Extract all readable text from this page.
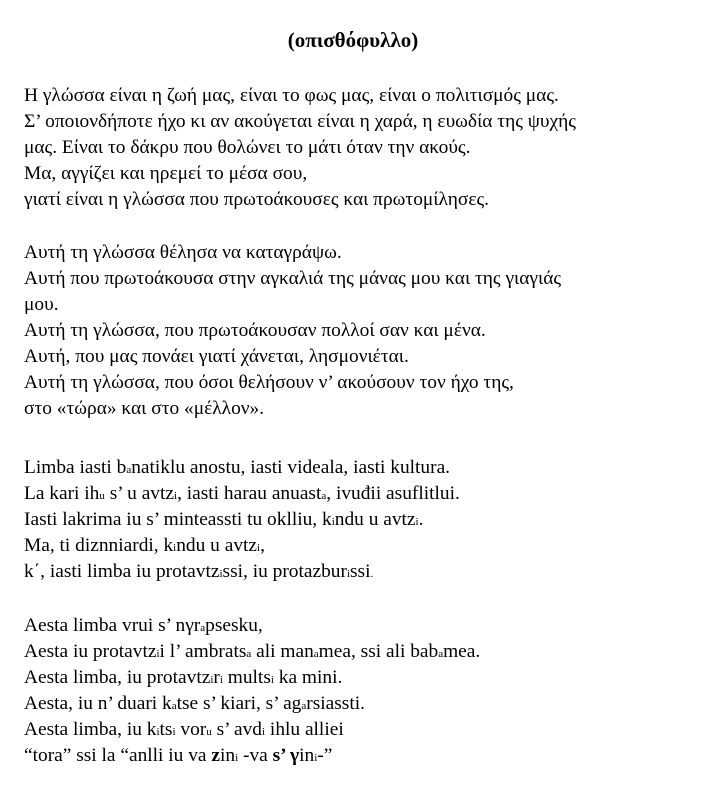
(οπισθόφυλλο)
Η γλώσσα είναι η ζωή μας, είναι το φως μας, είναι ο πολιτισμός μας.
Σ’ οποιονδήποτε ήχο κι αν ακούγεται είναι η χαρά, η ευωδία της ψυχής
μας. Είναι το δάκρυ που θολώνει το μάτι όταν την ακούς.
Μα, αγγίζει και ηρεμεί το μέσα σου,
γιατί είναι η γλώσσα που πρωτοάκουσες και πρωτομίλησες.
Αυτή τη γλώσσα θέλησα να καταγράψω.
Αυτή που πρωτοάκουσα στην αγκαλιά της μάνας μου και της γιαγιάς
μου.
Αυτή τη γλώσσα, που πρωτοάκουσαν πολλοί σαν και μένα.
Αυτή, που μας πονάει γιατί χάνεται, λησμονιέται.
Αυτή τη γλώσσα, που όσοι θελήσουν ν’ ακούσουν τον ήχο της,
στο «τώρα» και στο «μέλλον».
Limba iasti banatiklu anostu, iasti videala, iasti kultura.
La kari ihu s’ u avtzi, iasti harau anuasta, ivuđii asuflitlui.
Iasti lakrima iu s’ minteassti tu oklliu, kindu u avtzi.
Ma, ti diznniardi, kindu u avtzi,
k΄, iasti limba iu protavtzissi, iu protazburissi.
Aesta limba vrui s’ nγrapsesku,
Aesta iu protavtzii l’ ambratsa ali manamea, ssi ali babamea.
Aesta limba, iu protavtziri multsi ka mini.
Aesta, iu n’ duari katse s’ kiari, s’ agarsiassti.
Aesta limba, iu kitsi voru s’ avdi ihlu alliei
“tora” ssi la “anlli iu va zini -va s’ γini-”
